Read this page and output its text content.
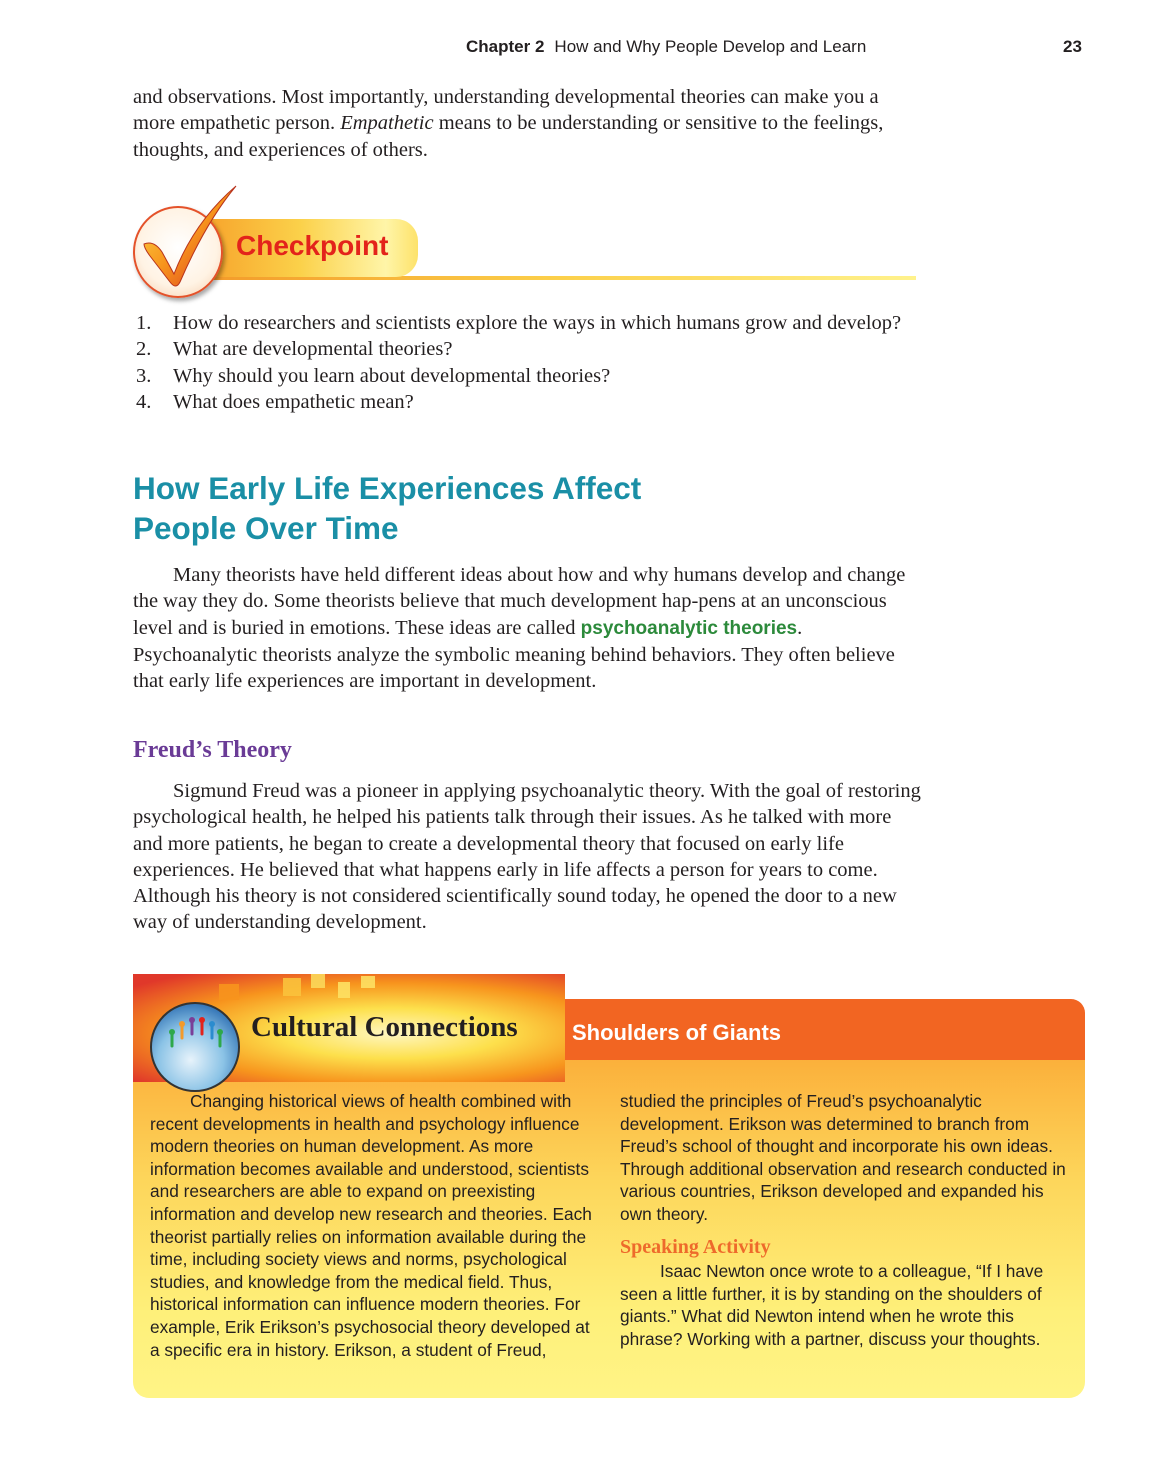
Chapter 2 How and Why People Develop and Learn	23

and observations. Most importantly, understanding developmental theories can make you a more empathetic person. Empathetic means to be understanding or sensitive to the feelings, thoughts, and experiences of others.

Checkpoint
1. How do researchers and scientists explore the ways in which humans grow and develop?
2. What are developmental theories?
3. Why should you learn about developmental theories?
4. What does empathetic mean?
How Early Life Experiences Affect
People Over Time

Many theorists have held different ideas about how and why humans develop and change the way they do. Some theorists believe that much development hap-pens at an unconscious level and is buried in emotions. These ideas are called psychoanalytic theories. Psychoanalytic theorists analyze the symbolic meaning behind behaviors. They often believe that early life experiences are important in development.

Freud’s Theory

Sigmund Freud was a pioneer in applying psychoanalytic theory. With the goal of restoring psychological health, he helped his patients talk through their issues. As he talked with more and more patients, he began to create a developmental theory that focused on early life experiences. He believed that what happens early in life affects a person for years to come. Although his theory is not considered scientifically sound today, he opened the door to a new way of understanding development.

Cultural Connections Shoulders of Giants

Changing historical views of health combined with recent developments in health and psychology influence modern theories on human development. As more information becomes available and understood, scientists and researchers are able to expand on preexisting information and develop new research and theories. Each theorist partially relies on information available during the time, including society views and norms, psychological studies, and knowledge from the medical field. Thus, historical information can influence modern theories. For example, Erik Erikson’s psychosocial theory developed at a specific era in history. Erikson, a student of Freud,

studied the principles of Freud’s psychoanalytic development. Erikson was determined to branch from Freud’s school of thought and incorporate his own ideas. Through additional observation and research conducted in various countries, Erikson developed and expanded his own theory.

Speaking Activity

Isaac Newton once wrote to a colleague, “If I have seen a little further, it is by standing on the shoulders of giants.” What did Newton intend when he wrote this phrase? Working with a partner, discuss your thoughts.
